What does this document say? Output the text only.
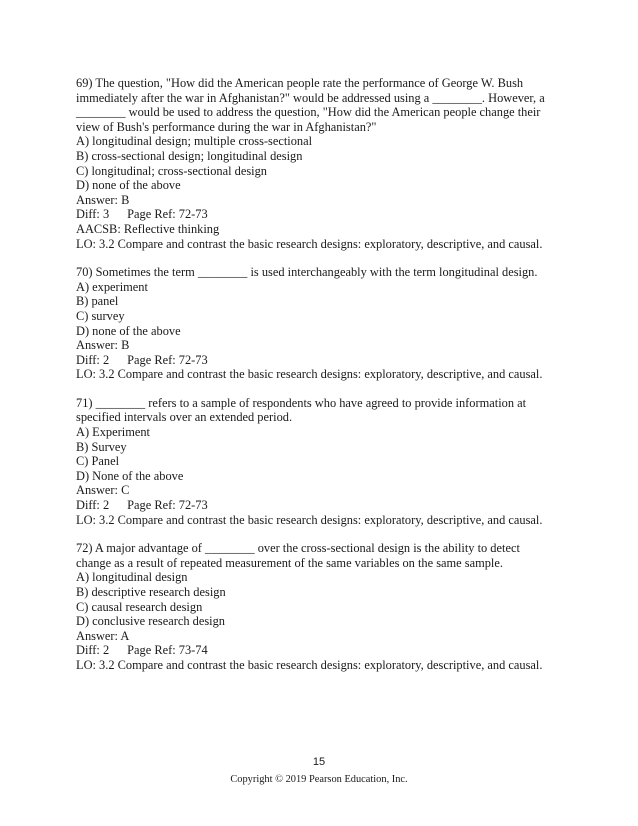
69) The question, "How did the American people rate the performance of George W. Bush
immediately after the war in Afghanistan?" would be addressed using a ________. However, a
________ would be used to address the question, "How did the American people change their
view of Bush's performance during the war in Afghanistan?"
A) longitudinal design; multiple cross-sectional
B) cross-sectional design; longitudinal design
C) longitudinal; cross-sectional design
D) none of the above
Answer: B
Diff: 3 Page Ref: 72-73
AACSB: Reflective thinking
LO: 3.2 Compare and contrast the basic research designs: exploratory, descriptive, and causal.
70) Sometimes the term ________ is used interchangeably with the term longitudinal design.
A) experiment
B) panel
C) survey
D) none of the above
Answer: B
Diff: 2 Page Ref: 72-73
LO: 3.2 Compare and contrast the basic research designs: exploratory, descriptive, and causal.
71) ________ refers to a sample of respondents who have agreed to provide information at
specified intervals over an extended period.
A) Experiment
B) Survey
C) Panel
D) None of the above
Answer: C
Diff: 2 Page Ref: 72-73
LO: 3.2 Compare and contrast the basic research designs: exploratory, descriptive, and causal.
72) A major advantage of ________ over the cross-sectional design is the ability to detect
change as a result of repeated measurement of the same variables on the same sample.
A) longitudinal design
B) descriptive research design
C) causal research design
D) conclusive research design
Answer: A
Diff: 2 Page Ref: 73-74
LO: 3.2 Compare and contrast the basic research designs: exploratory, descriptive, and causal.
15
Copyright © 2019 Pearson Education, Inc.
